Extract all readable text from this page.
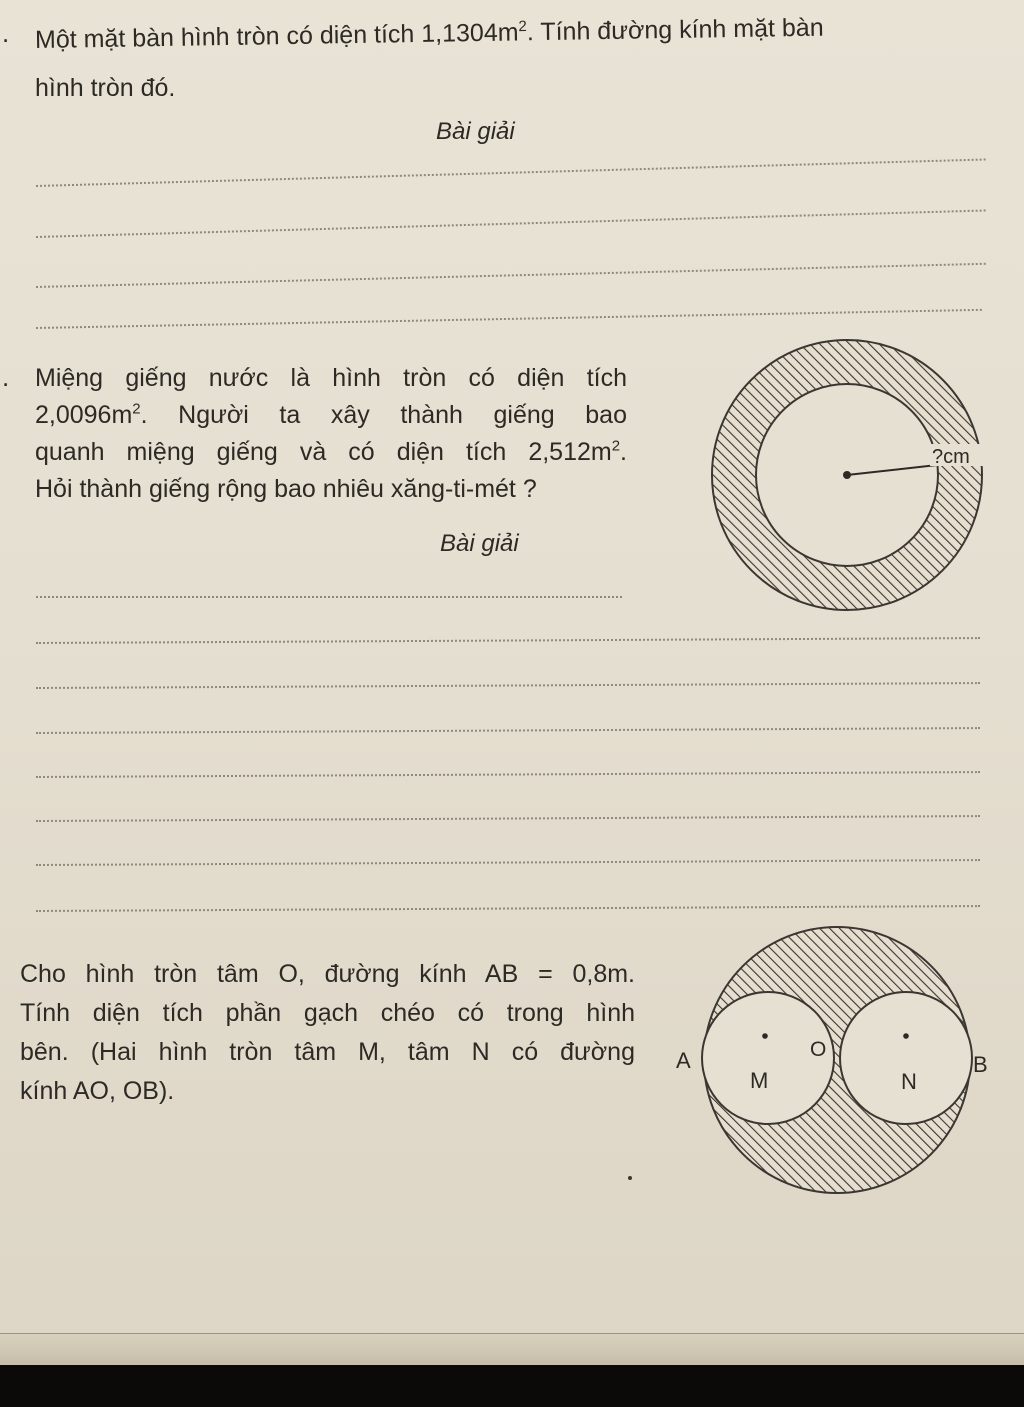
. Một mặt bàn hình tròn có diện tích $1,1304m^2$. Tính đường kính mặt bàn

hình tròn đó.

Bài giải
. Miệng giếng nước là hình tròn có diện tích

$2,0096m^2$. Người ta xây thành giếng bao

quanh miệng giếng và có diện tích $2,512m^2$.

Hỏi thành giếng rộng bao nhiêu xăng-ti-mét ?

Bài giải
?cm

Cho hình tròn tâm O, đường kính AB = 0,8m.

Tính diện tích phần gạch chéo có trong hình

bên. (Hai hình tròn tâm M, tâm N có đường

kính AO, OB).

A	B
O
M	N
